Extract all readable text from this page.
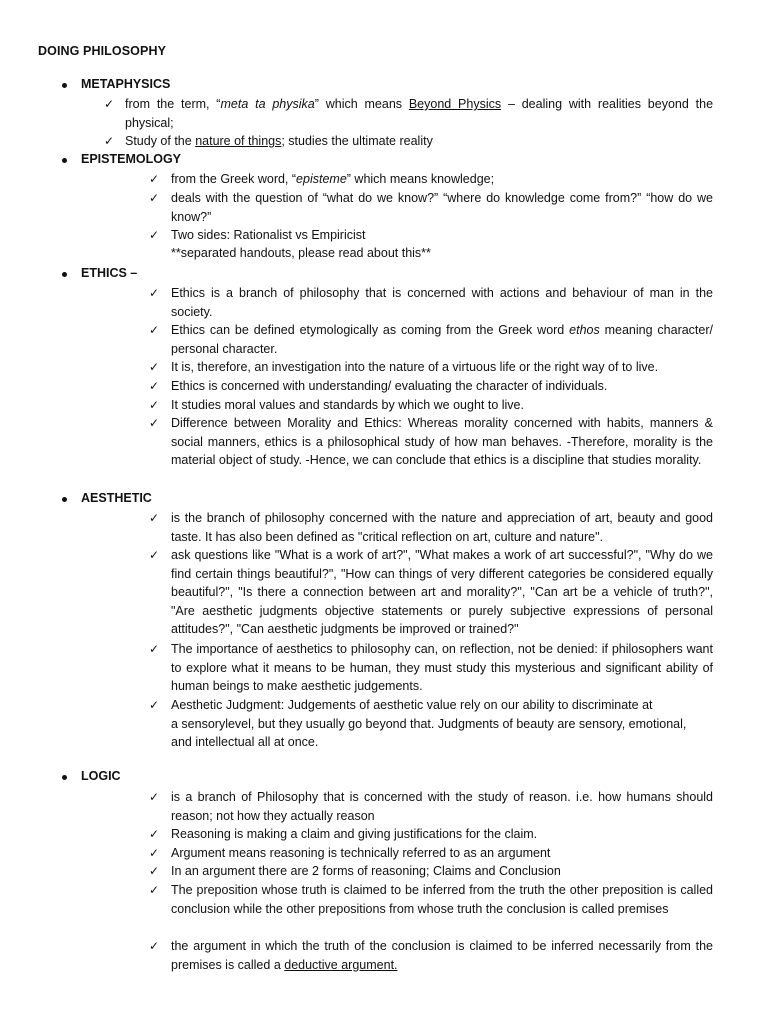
DOING PHILOSOPHY
METAPHYSICS
✓ from the term, “meta ta physika” which means Beyond Physics – dealing with realities beyond the physical;
✓ Study of the nature of things; studies the ultimate reality
EPISTEMOLOGY
✓ from the Greek word, “episteme” which means knowledge;
✓ deals with the question of “what do we know?” “where do knowledge come from?” “how do we know?”
✓ Two sides: Rationalist vs Empiricist
**separated handouts, please read about this**
ETHICS –
✓ Ethics is a branch of philosophy that is concerned with actions and behaviour of man in the society.
✓ Ethics can be defined etymologically as coming from the Greek word ethos meaning character/ personal character.
✓ It is, therefore, an investigation into the nature of a virtuous life or the right way of to live.
✓ Ethics is concerned with understanding/ evaluating the character of individuals.
✓ It studies moral values and standards by which we ought to live.
✓ Difference between Morality and Ethics: Whereas morality concerned with habits, manners & social manners, ethics is a philosophical study of how man behaves. -Therefore, morality is the material object of study. -Hence, we can conclude that ethics is a discipline that studies morality.
AESTHETIC
✓ is the branch of philosophy concerned with the nature and appreciation of art, beauty and good taste. It has also been defined as "critical reflection on art, culture and nature".
✓ ask questions like "What is a work of art?", "What makes a work of art successful?", "Why do we find certain things beautiful?", "How can things of very different categories be considered equally beautiful?", "Is there a connection between art and morality?", "Can art be a vehicle of truth?", "Are aesthetic judgments objective statements or purely subjective expressions of personal attitudes?", "Can aesthetic judgments be improved or trained?"
✓ The importance of aesthetics to philosophy can, on reflection, not be denied: if philosophers want to explore what it means to be human, they must study this mysterious and significant ability of human beings to make aesthetic judgements.
✓ Aesthetic Judgment: Judgements of aesthetic value rely on our ability to discriminate at
a sensorylevel, but they usually go beyond that. Judgments of beauty are sensory, emotional,
and intellectual all at once.
LOGIC
✓ is a branch of Philosophy that is concerned with the study of reason. i.e. how humans should reason; not how they actually reason
✓ Reasoning is making a claim and giving justifications for the claim.
✓ Argument means reasoning is technically referred to as an argument
✓ In an argument there are 2 forms of reasoning; Claims and Conclusion
✓ The preposition whose truth is claimed to be inferred from the truth the other preposition is called conclusion while the other prepositions from whose truth the conclusion is called premises
✓ the argument in which the truth of the conclusion is claimed to be inferred necessarily from the premises is called a deductive argument.
